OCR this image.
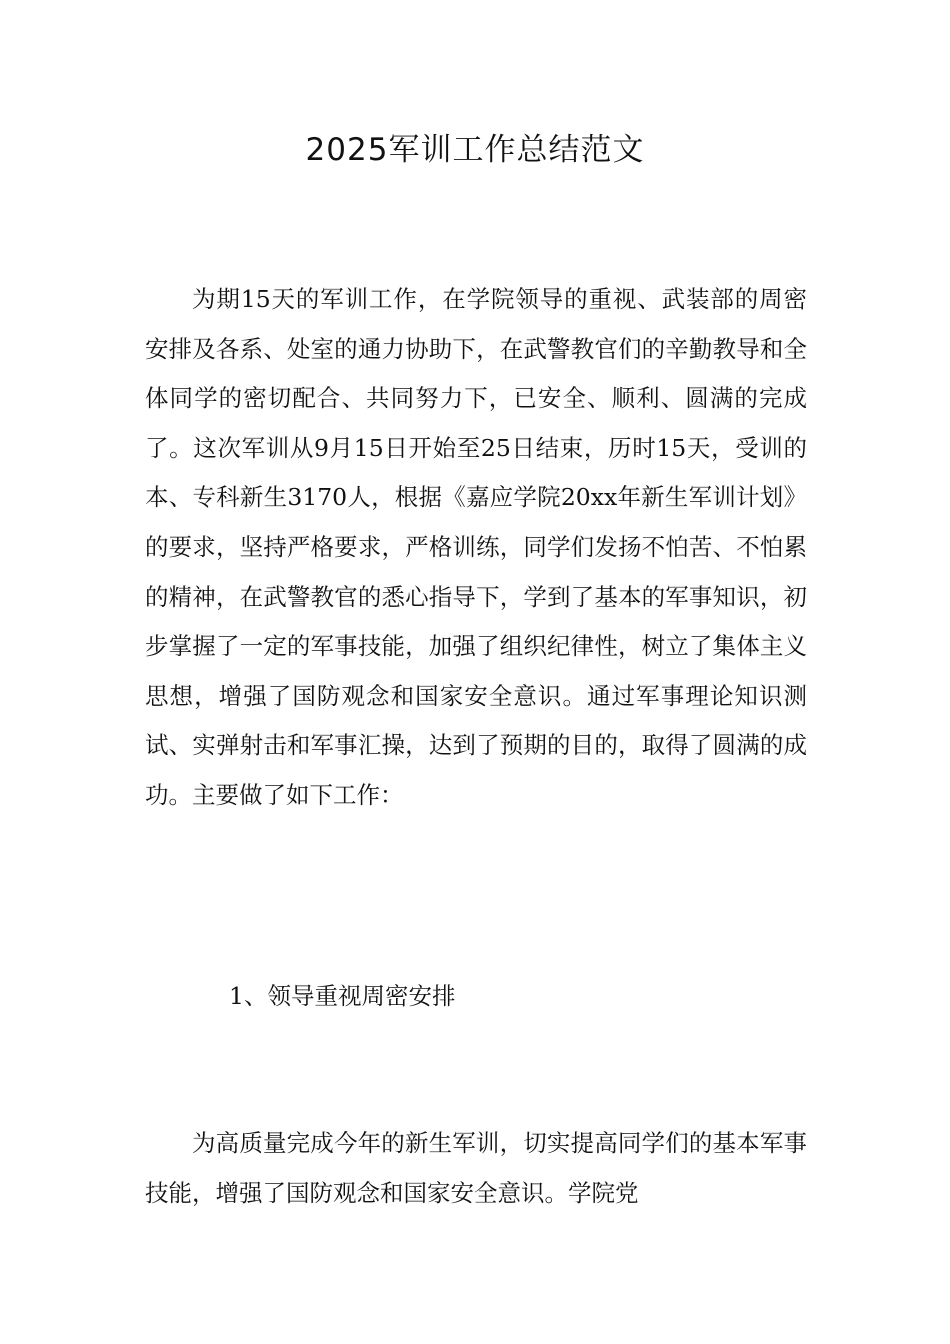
2025军训工作总结范文

为期15天的军训工作，在学院领导的重视、武装部的周密安排及各系、处室的通力协助下，在武警教官们的辛勤教导和全体同学的密切配合、共同努力下，已安全、顺利、圆满的完成了。这次军训从9月15日开始至25日结束，历时15天，受训的本、专科新生3170人，根据《嘉应学院20xx年新生军训计划》的要求，坚持严格要求，严格训练，同学们发扬不怕苦、不怕累的精神，在武警教官的悉心指导下，学到了基本的军事知识，初步掌握了一定的军事技能，加强了组织纪律性，树立了集体主义思想，增强了国防观念和国家安全意识。通过军事理论知识测试、实弹射击和军事汇操，达到了预期的目的，取得了圆满的成功。主要做了如下工作：

1、领导重视周密安排

为高质量完成今年的新生军训，切实提高同学们的基本军事技能，增强了国防观念和国家安全意识。学院党
